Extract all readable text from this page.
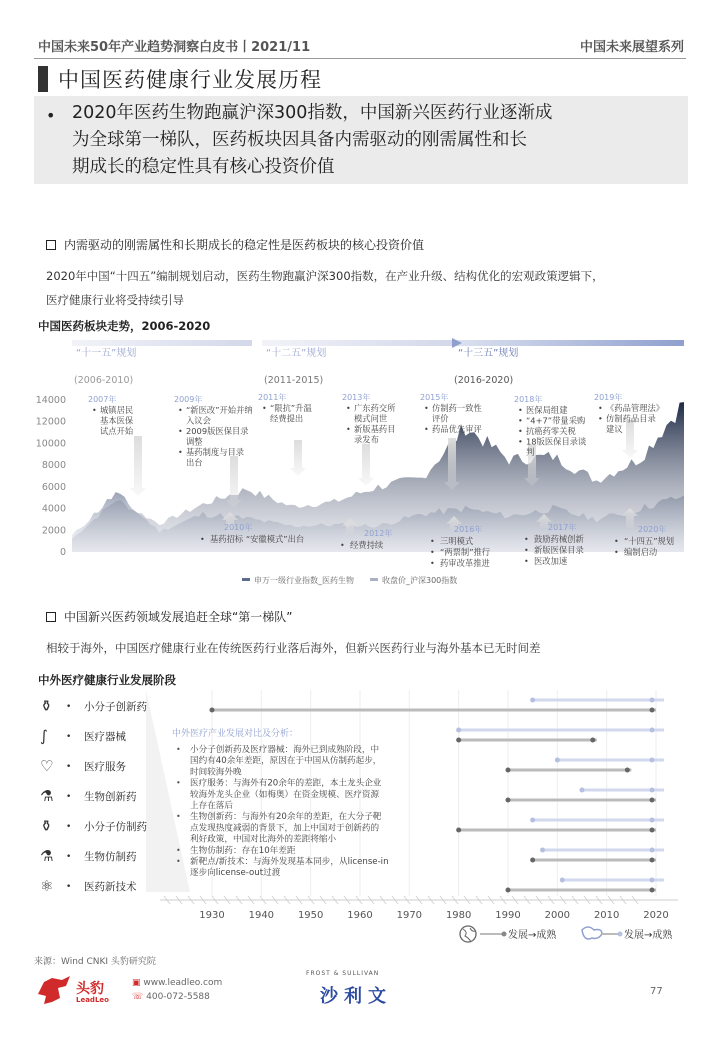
中国未来50年产业趋势洞察白皮书丨2021/11	中国未来展望系列
中国医药健康行业发展历程
• 2020年医药生物跑赢沪深300指数，中国新兴医药行业逐渐成
为全球第一梯队，医药板块因具备内需驱动的刚需属性和长
期成长的稳定性具有核心投资价值
内需驱动的刚需属性和长期成长的稳定性是医药板块的核心投资价值
2020年中国“十四五”编制规划启动，医药生物跑赢沪深300指数，在产业升级、结构优化的宏观政策逻辑下，
医疗健康行业将受持续引导
中国医药板块走势，2006-2020
“十一五”规划
(2006-2010)
“十二五”规划
(2011-2015)
“十三五”规划
(2016-2020)
0
2000
4000
6000
8000
10000
12000
14000	2007年
城镇居民
•
基本医保
试点开始
2009年
“新医改”开始并纳
•
入议会
2009版医保目录
•
调整
基药制度与目录
•
出台
2011年
“限抗”升温
•
经费提出
2013年
广东药交所
•
模式问世
新版基药目
•
录发布
2015年
仿制药一致性
•
评价
药品优先审评
•
2018年
医保局组建
•
“4+7”带量采购
•
抗癌药零关税
•
18版医保目录谈
•
判
2019年
《药品管理法》
•
仿制药品目录
•
建议
2010年
• 基药招标 “安徽模式”出台
2012年
• 经费持续
2016年
• 三明模式
• “两票制”推行
• 药审改革推进
2017年
• 鼓励药械创新
• 新版医保目录
• 医改加速
2020年
• “十四五”规划
• 编制启动
申万一级行业指数_医药生物	收盘价_沪深300指数
中国新兴医药领域发展追赶全球“第一梯队”
相较于海外，中国医疗健康行业在传统医药行业落后海外，但新兴医药行业与海外基本已无时间差
中外医疗健康行业发展阶段
⚱ • 小分子创新药
∫ • 医疗器械
♡ • 医疗服务
⚗ • 生物创新药
⚱ • 小分子仿制药
⚗ • 生物仿制药
⚛ • 医药新技术
1930 1940 1950 1960 1970 1980 1990 2000 2010 2020
中外医疗产业发展对比及分析：
• 小分子创新药及医疗器械：海外已到成熟阶段，中
国约有40余年差距，原因在于中国从仿制药起步，
时间较海外晚
• 医疗服务：与海外有20余年的差距，本土龙头企业
较海外龙头企业（如梅奥）在资金规模、医疗资源
上存在落后
• 生物创新药：与海外有20余年的差距，在大分子靶
点发现热度减弱的背景下，加上中国对于创新药的
利好政策，中国对比海外的差距将缩小
• 生物仿制药：存在10年差距
• 新靶点/新技术：与海外发现基本同步，从license-in
逐步向license-out过渡
发展→成熟	发展→成熟
来源：Wind CNKI 头豹研究院
头豹
LeadLeo
▣ www.leadleo.com
☏ 400-072-5588
FROST & SULLIVAN
沙利文	77
